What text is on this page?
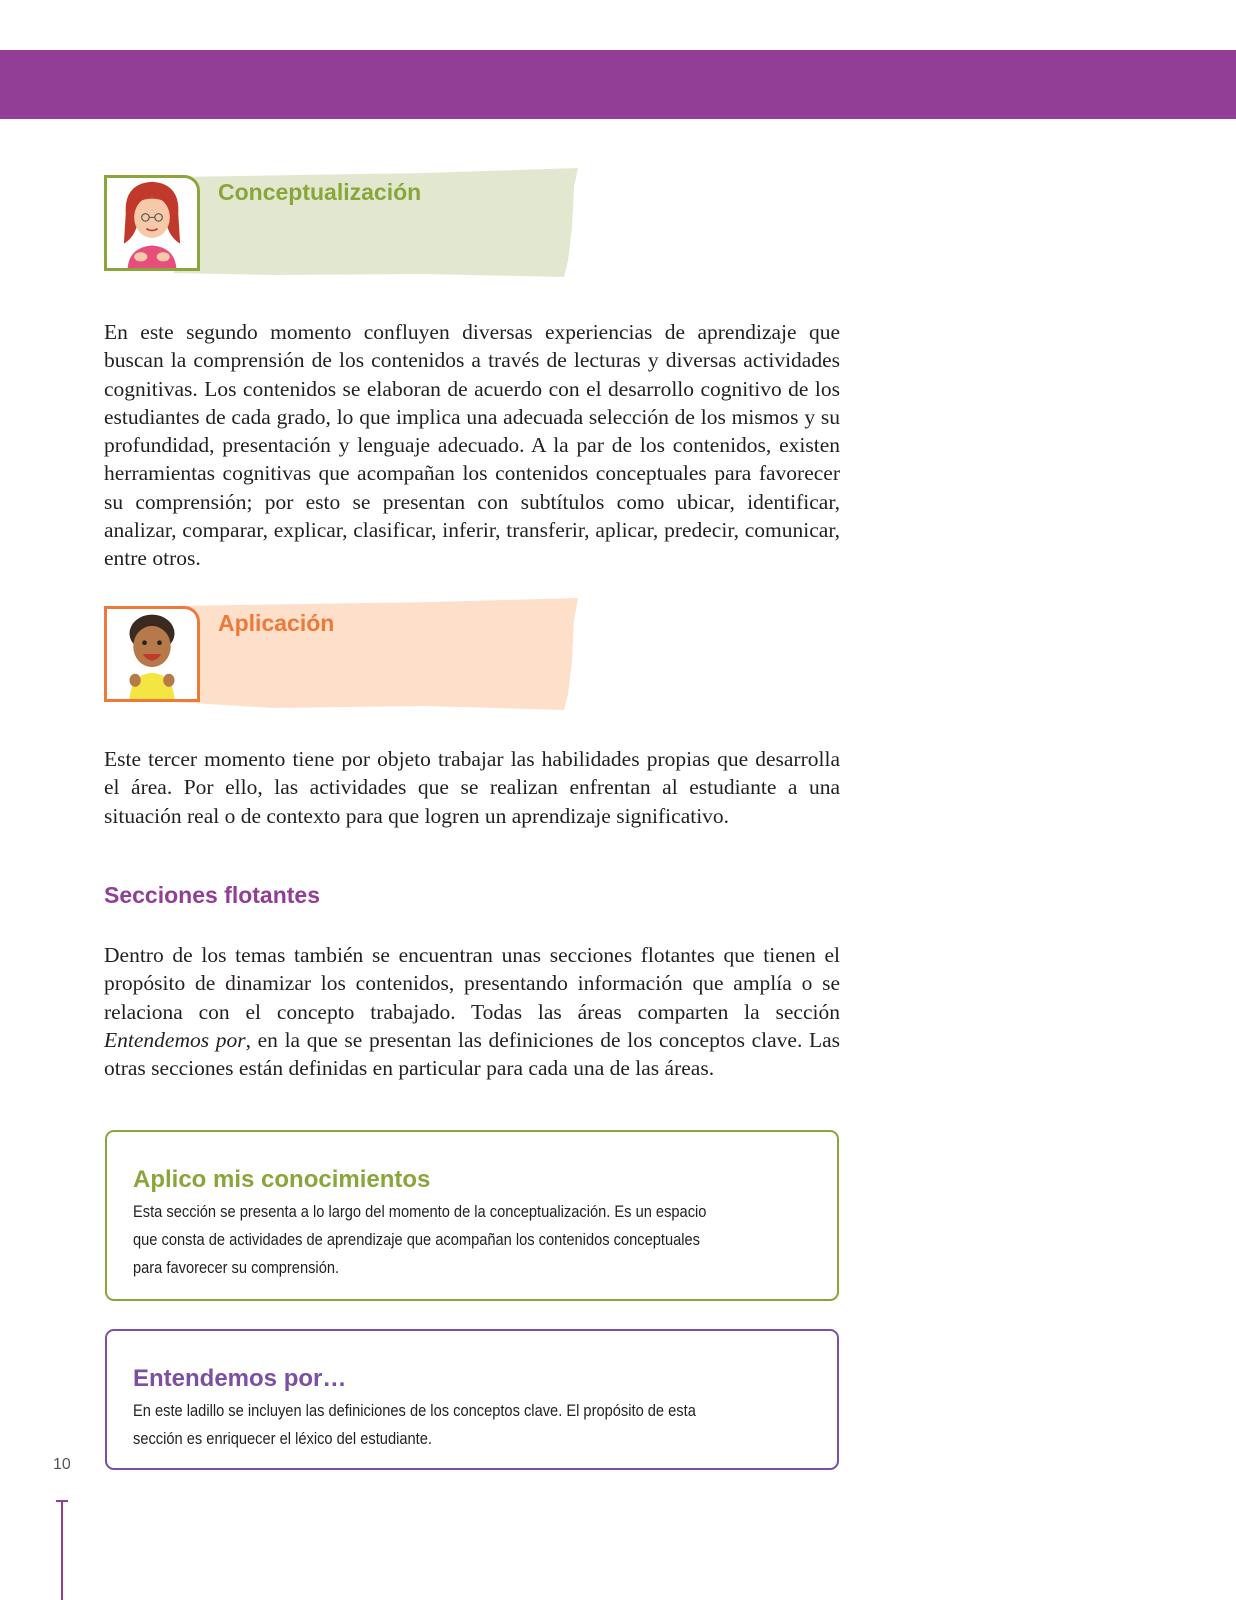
Conceptualización

En este segundo momento confluyen diversas experiencias de aprendizaje que buscan la comprensión de los contenidos a través de lecturas y diversas actividades cognitivas. Los contenidos se elaboran de acuerdo con el desarrollo cognitivo de los estudiantes de cada grado, lo que implica una adecuada selección de los mismos y su profundidad, presentación y lenguaje adecuado. A la par de los contenidos, existen herramientas cognitivas que acompañan los contenidos conceptuales para favorecer su comprensión; por esto se presentan con subtítulos como ubicar, identificar, analizar, comparar, explicar, clasificar, inferir, transferir, aplicar, predecir, comunicar, entre otros.

Aplicación

Este tercer momento tiene por objeto trabajar las habilidades propias que desarrolla el área. Por ello, las actividades que se realizan enfrentan al estudiante a una situación real o de contexto para que logren un aprendizaje significativo.

Secciones flotantes

Dentro de los temas también se encuentran unas secciones flotantes que tienen el propósito de dinamizar los contenidos, presentando información que amplía o se relaciona con el concepto trabajado. Todas las áreas comparten la sección Entendemos por, en la que se presentan las definiciones de los conceptos clave. Las otras secciones están definidas en particular para cada una de las áreas.

Aplico mis conocimientos

Esta sección se presenta a lo largo del momento de la conceptualización. Es un espacio que consta de actividades de aprendizaje que acompañan los contenidos conceptuales para favorecer su comprensión.

Entendemos por…

En este ladillo se incluyen las definiciones de los conceptos clave. El propósito de esta sección es enriquecer el léxico del estudiante.

10
